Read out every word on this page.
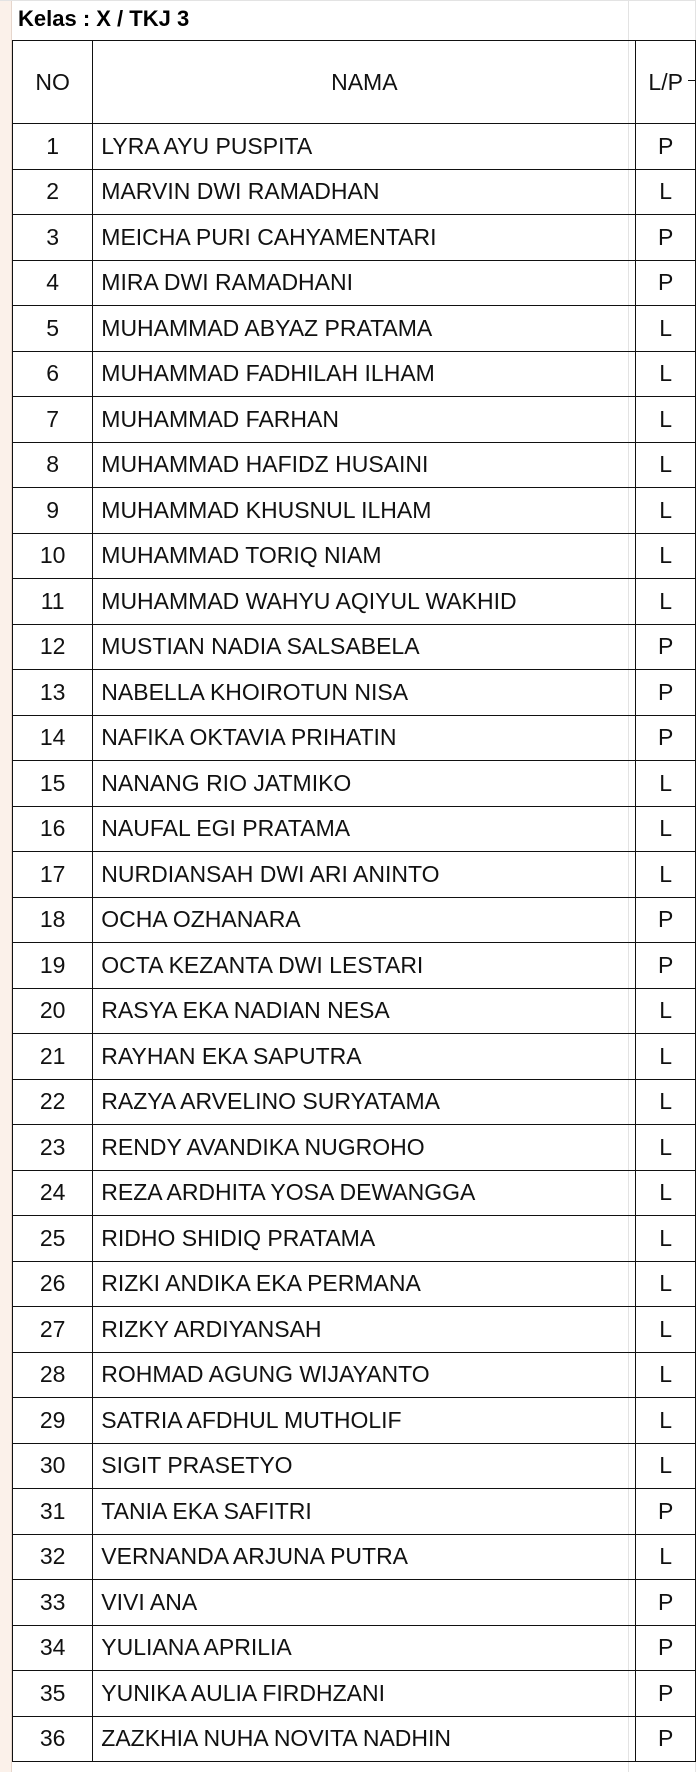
Kelas : X / TKJ 3
NO	NAMA	L/P
1	LYRA AYU PUSPITA	P
2	MARVIN DWI RAMADHAN	L
3	MEICHA PURI CAHYAMENTARI	P
4	MIRA DWI RAMADHANI	P
5	MUHAMMAD ABYAZ PRATAMA	L
6	MUHAMMAD FADHILAH ILHAM	L
7	MUHAMMAD FARHAN	L
8	MUHAMMAD HAFIDZ HUSAINI	L
9	MUHAMMAD KHUSNUL ILHAM	L
10	MUHAMMAD TORIQ NIAM	L
11	MUHAMMAD WAHYU AQIYUL WAKHID	L
12	MUSTIAN NADIA SALSABELA	P
13	NABELLA KHOIROTUN NISA	P
14	NAFIKA OKTAVIA PRIHATIN	P
15	NANANG RIO JATMIKO	L
16	NAUFAL EGI PRATAMA	L
17	NURDIANSAH DWI ARI ANINTO	L
18	OCHA OZHANARA	P
19	OCTA KEZANTA DWI LESTARI	P
20	RASYA EKA NADIAN NESA	L
21	RAYHAN EKA SAPUTRA	L
22	RAZYA ARVELINO SURYATAMA	L
23	RENDY AVANDIKA NUGROHO	L
24	REZA ARDHITA YOSA DEWANGGA	L
25	RIDHO SHIDIQ PRATAMA	L
26	RIZKI ANDIKA EKA PERMANA	L
27	RIZKY ARDIYANSAH	L
28	ROHMAD AGUNG WIJAYANTO	L
29	SATRIA AFDHUL MUTHOLIF	L
30	SIGIT PRASETYO	L
31	TANIA EKA SAFITRI	P
32	VERNANDA ARJUNA PUTRA	L
33	VIVI ANA	P
34	YULIANA APRILIA	P
35	YUNIKA AULIA FIRDHZANI	P
36	ZAZKHIA NUHA NOVITA NADHIN	P
